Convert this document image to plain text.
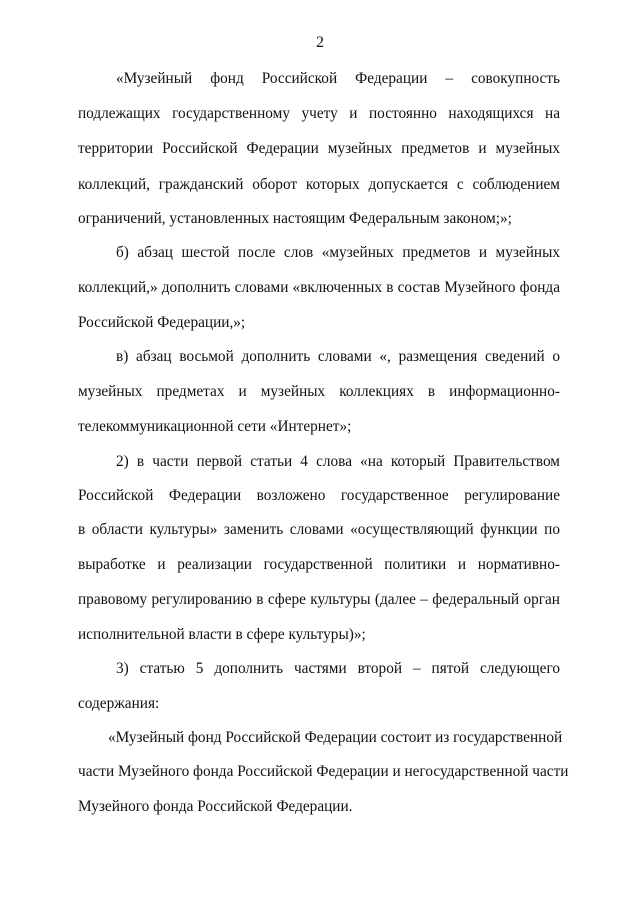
2
«Музейный фонд Российской Федерации – совокупность
подлежащих государственному учету и постоянно находящихся на
территории Российской Федерации музейных предметов и музейных
коллекций, гражданский оборот которых допускается с соблюдением
ограничений, установленных настоящим Федеральным законом;»;
б) абзац шестой после слов «музейных предметов и музейных
коллекций,» дополнить словами «включенных в состав Музейного фонда
Российской Федерации,»;
в) абзац восьмой дополнить словами «, размещения сведений о
музейных предметах и музейных коллекциях в информационно-
телекоммуникационной сети «Интернет»;
2) в части первой статьи 4 слова «на который Правительством
Российской Федерации возложено государственное регулирование
в области культуры» заменить словами «осуществляющий функции по
выработке и реализации государственной политики и нормативно-
правовому регулированию в сфере культуры (далее – федеральный орган
исполнительной власти в сфере культуры)»;
3) статью 5 дополнить частями второй – пятой следующего
содержания:
«Музейный фонд Российской Федерации состоит из государственной
части Музейного фонда Российской Федерации и негосударственной части
Музейного фонда Российской Федерации.
